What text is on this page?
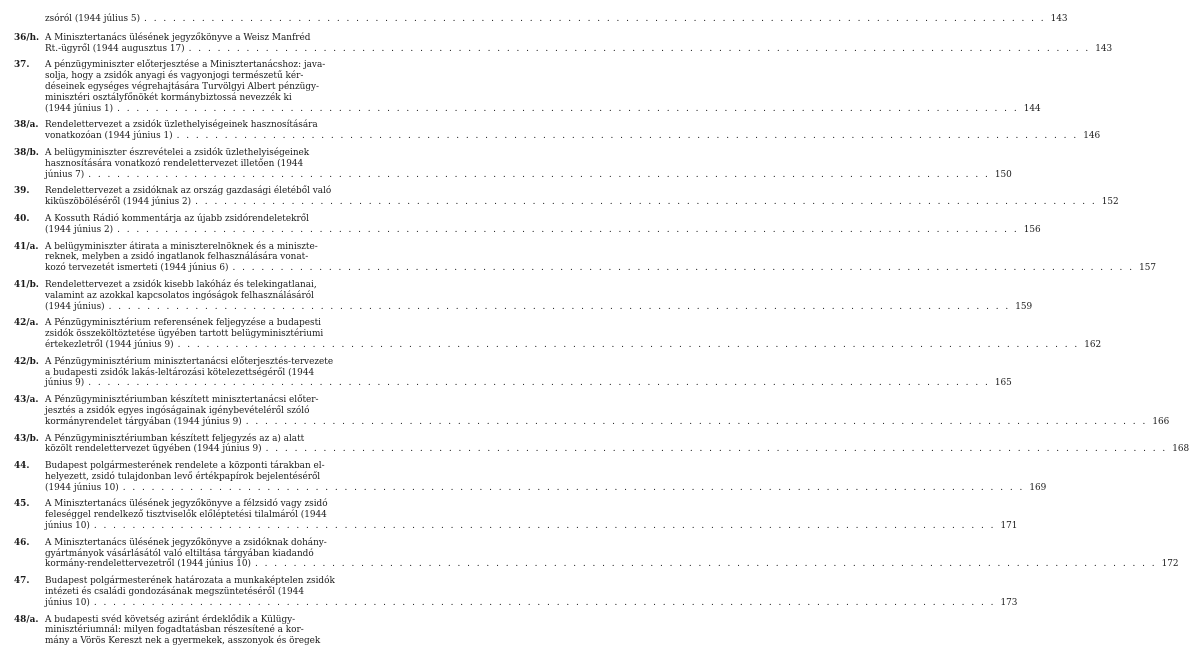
zsóról (1944 július 5) . . .	143
36/h. A Minisztertanács ülésének jegyzőkönyve a Weisz Manfréd
Rt.-ügyről (1944 augusztus 17) . . .	143
37.	A pénzügyminiszter előterjesztése a Minisztertanácshoz: java-
solja, hogy a zsidók anyagi és vagyonjogi természetű kér-
déseinek egységes végrehajtására Turvölgyi Albert pénzügy-
minisztéri osztályfőnökét kormánybiztossá nevezzék ki
(1944 június 1) . . .	144
38/a. Rendelettervezet a zsidók üzlethelyiségeinek hasznosítására
vonatkozóan (1944 június 1) . . .	146
38/b. A belügyminiszter észrevételei a zsidók üzlethelyiségeinek
hasznosítására vonatkozó rendelettervezet illetően (1944
június 7) . . .	150
39.	Rendelettervezet a zsidóknak az ország gazdasági életéből való
kiküszöböléséről (1944 június 2) . . .	152
40.	A Kossuth Rádió kommentárja az újabb zsidórendeletekről
(1944 június 2) . . .	156
41/a. A belügyminiszter átirata a miniszterelnöknek és a miniszte-
reknek, melyben a zsidó ingatlanok felhasználására vonat-
kozó tervezetét ismerteti (1944 június 6) . . .	157
41/b. Rendelettervezet a zsidók kisebb lakóház és telekingatlanai,
valamint az azokkal kapcsolatos ingóságok felhasználásáról
(1944 június) . . .	159
42/a. A Pénzügyminisztérium referensének feljegyzése a budapesti
zsidók összeköltöztetése ügyében tartott belügyminisztériumi
értekezletről (1944 június 9) . . .	162
42/b. A Pénzügyminisztérium minisztertanácsi előterjesztés-tervezete
a budapesti zsidók lakás-leltározási kötelezettségéről (1944
június 9) . . .	165
43/a. A Pénzügyminisztériumban készített minisztertanácsi előter-
jesztés a zsidók egyes ingóságainak igénybevételéről szóló
kormányrendelet tárgyában (1944 június 9) . . .	166
43/b. A Pénzügyminisztériumban készített feljegyzés az a) alatt
közölt rendelettervezet ügyében (1944 június 9) . . .	168
44.	Budapest polgármesterének rendelete a központi tárakban el-
helyezett, zsidó tulajdonban levő értékpapírok bejelentéséről
(1944 június 10) . . .	169
45.	A Minisztertanács ülésének jegyzőkönyve a félzsidó vagy zsidó
feleséggel rendelkező tisztviselők előléptetési tilalmáról (1944
június 10) . . .	171
46.	A Minisztertanács ülésének jegyzőkönyve a zsidóknak dohány-
gyártmányok vásárlásától való eltiltása tárgyában kiadandó
kormány-rendelettervezetről (1944 június 10) . . .	172
47.	Budapest polgármesterének határozata a munkaképtelen zsidók
intézeti és családi gondozásának megszüntetéséről (1944
június 10) . . .	173
48/a. A budapesti svéd követség aziránt érdeklődik a Külügy-
minisztériumnál: milyen fogadtatásban részesítené a kor-
mány a Vörös Kereszt nek a gyermekek, asszonyok és öregek
